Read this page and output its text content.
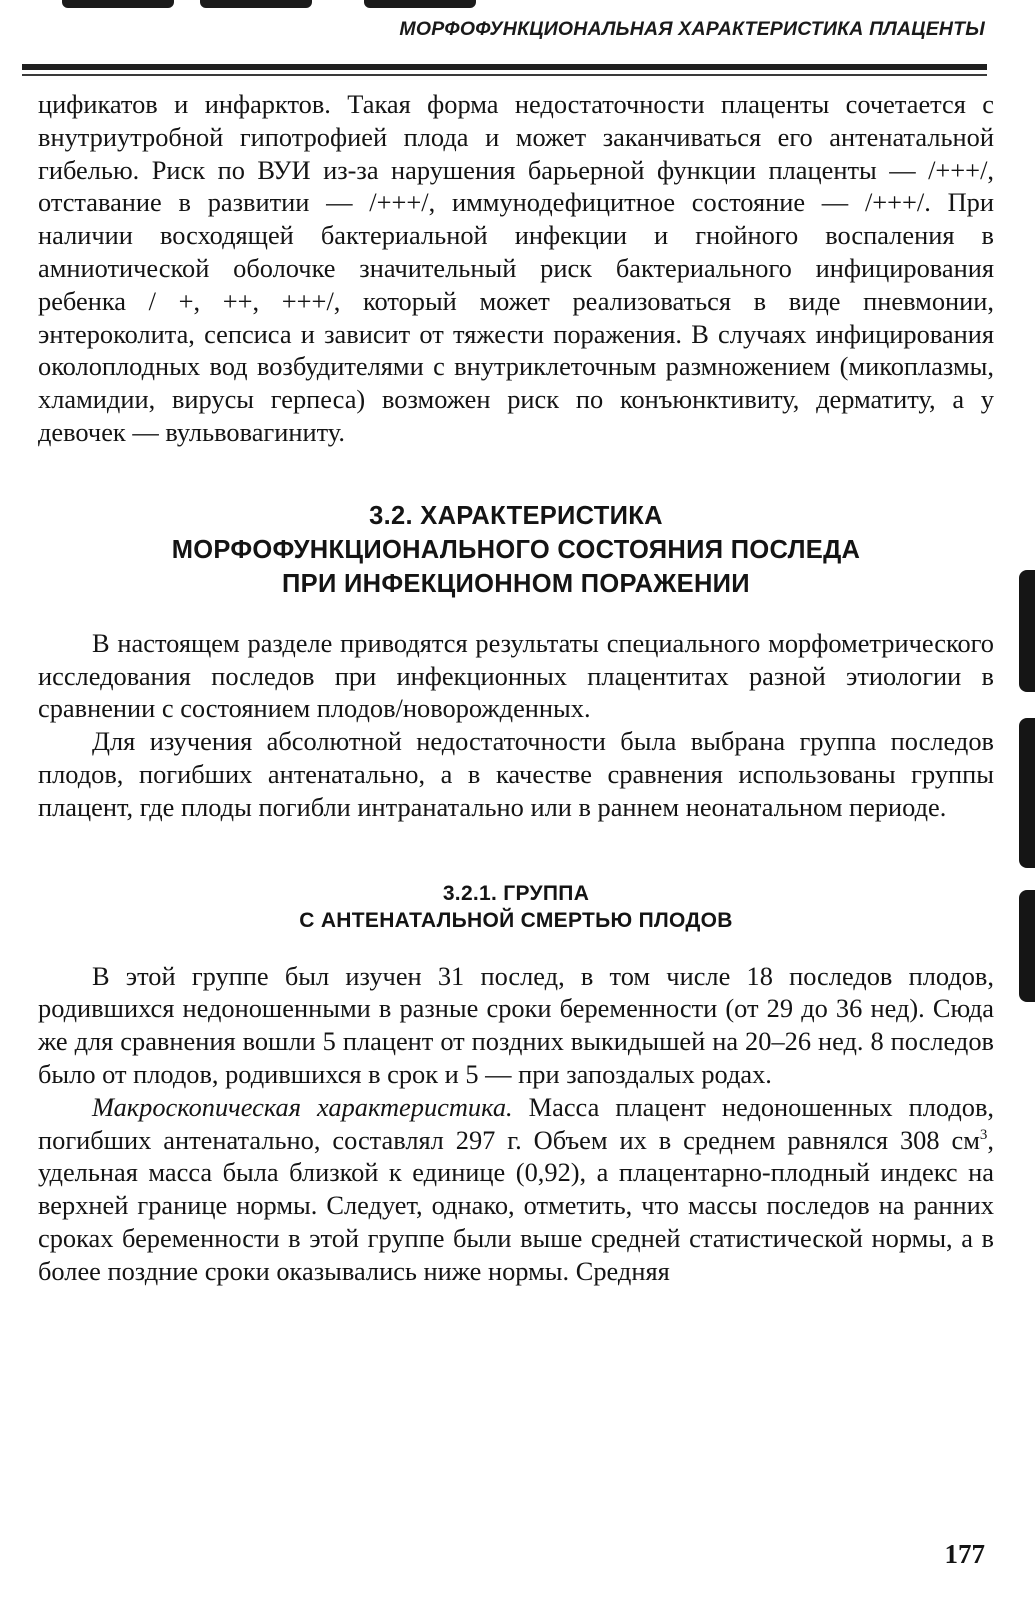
МОРФОФУНКЦИОНАЛЬНАЯ ХАРАКТЕРИСТИКА ПЛАЦЕНТЫ

цификатов и инфарктов. Такая форма недостаточности плаценты сочетается с внутриутробной гипотрофией плода и может заканчиваться его антенатальной гибелью. Риск по ВУИ из-за нарушения барьерной функции плаценты — /+++/, отставание в развитии — /+++/, иммунодефицитное состояние — /+++/. При наличии восходящей бактериальной инфекции и гнойного воспаления в амниотической оболочке значительный риск бактериального инфицирования ребенка / +, ++, +++/, который может реализоваться в виде пневмонии, энтероколита, сепсиса и зависит от тяжести поражения. В случаях инфицирования околоплодных вод возбудителями с внутриклеточным размножением (микоплазмы, хламидии, вирусы герпеса) возможен риск по конъюнктивиту, дерматиту, а у девочек — вульвовагиниту.

3.2. ХАРАКТЕРИСТИКА
МОРФОФУНКЦИОНАЛЬНОГО СОСТОЯНИЯ ПОСЛЕДА
ПРИ ИНФЕКЦИОННОМ ПОРАЖЕНИИ

В настоящем разделе приводятся результаты специального морфометрического исследования последов при инфекционных плацентитах разной этиологии в сравнении с состоянием плодов/новорожденных.

Для изучения абсолютной недостаточности была выбрана группа последов плодов, погибших антенатально, а в качестве сравнения использованы группы плацент, где плоды погибли интранатально или в раннем неонатальном периоде.

3.2.1. ГРУППА
С АНТЕНАТАЛЬНОЙ СМЕРТЬЮ ПЛОДОВ

В этой группе был изучен 31 послед, в том числе 18 последов плодов, родившихся недоношенными в разные сроки беременности (от 29 до 36 нед). Сюда же для сравнения вошли 5 плацент от поздних выкидышей на 20–26 нед. 8 последов было от плодов, родившихся в срок и 5 — при запоздалых родах.

Макроскопическая характеристика. Масса плацент недоношенных плодов, погибших антенатально, составлял 297 г. Объем их в среднем равнялся 308 $см^3$, удельная масса была близкой к единице (0,92), а плацентарно-плодный индекс на верхней границе нормы. Следует, однако, отметить, что массы последов на ранних сроках беременности в этой группе были выше средней статистической нормы, а в более поздние сроки оказывались ниже нормы. Средняя

177
